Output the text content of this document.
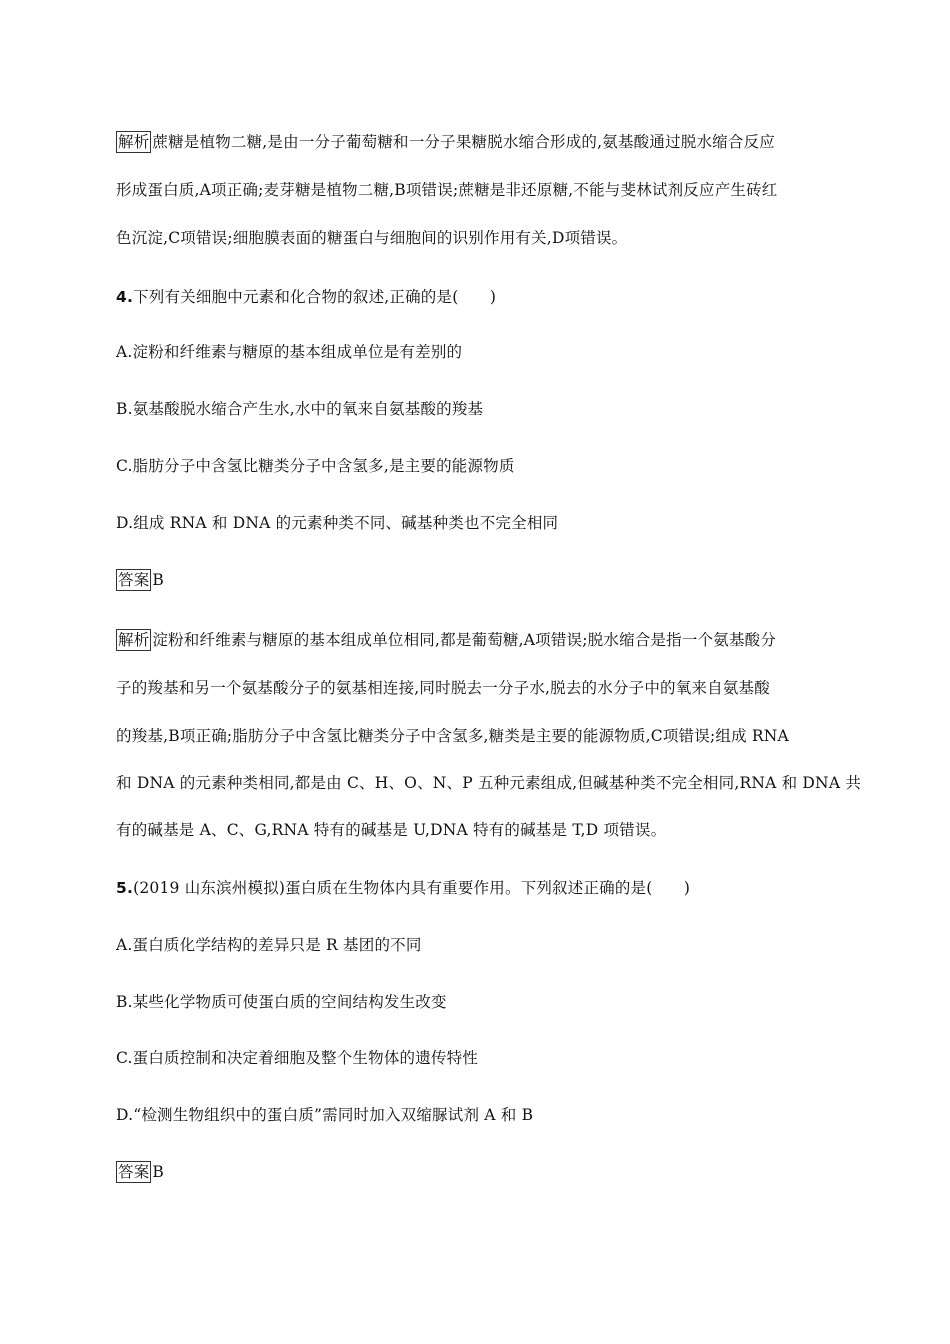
解析 蔗糖是植物二糖,是由一分子葡萄糖和一分子果糖脱水缩合形成的,氨基酸通过脱水缩合反应
形成蛋白质,A项正确;麦芽糖是植物二糖,B项错误;蔗糖是非还原糖,不能与斐林试剂反应产生砖红
色沉淀,C项错误;细胞膜表面的糖蛋白与细胞间的识别作用有关,D项错误。
4.下列有关细胞中元素和化合物的叙述,正确的是(　　)
A.淀粉和纤维素与糖原的基本组成单位是有差别的
B.氨基酸脱水缩合产生水,水中的氧来自氨基酸的羧基
C.脂肪分子中含氢比糖类分子中含氢多,是主要的能源物质
D.组成 RNA 和 DNA 的元素种类不同、碱基种类也不完全相同
答案 B
解析 淀粉和纤维素与糖原的基本组成单位相同,都是葡萄糖,A项错误;脱水缩合是指一个氨基酸分
子的羧基和另一个氨基酸分子的氨基相连接,同时脱去一分子水,脱去的水分子中的氧来自氨基酸
的羧基,B项正确;脂肪分子中含氢比糖类分子中含氢多,糖类是主要的能源物质,C项错误;组成 RNA
和 DNA 的元素种类相同,都是由 C、H、O、N、P 五种元素组成,但碱基种类不完全相同,RNA 和 DNA 共
有的碱基是 A、C、G,RNA 特有的碱基是 U,DNA 特有的碱基是 T,D 项错误。
5.(2019 山东滨州模拟)蛋白质在生物体内具有重要作用。下列叙述正确的是(　　)
A.蛋白质化学结构的差异只是 R 基团的不同
B.某些化学物质可使蛋白质的空间结构发生改变
C.蛋白质控制和决定着细胞及整个生物体的遗传特性
D.“检测生物组织中的蛋白质”需同时加入双缩脲试剂 A 和 B
答案 B
